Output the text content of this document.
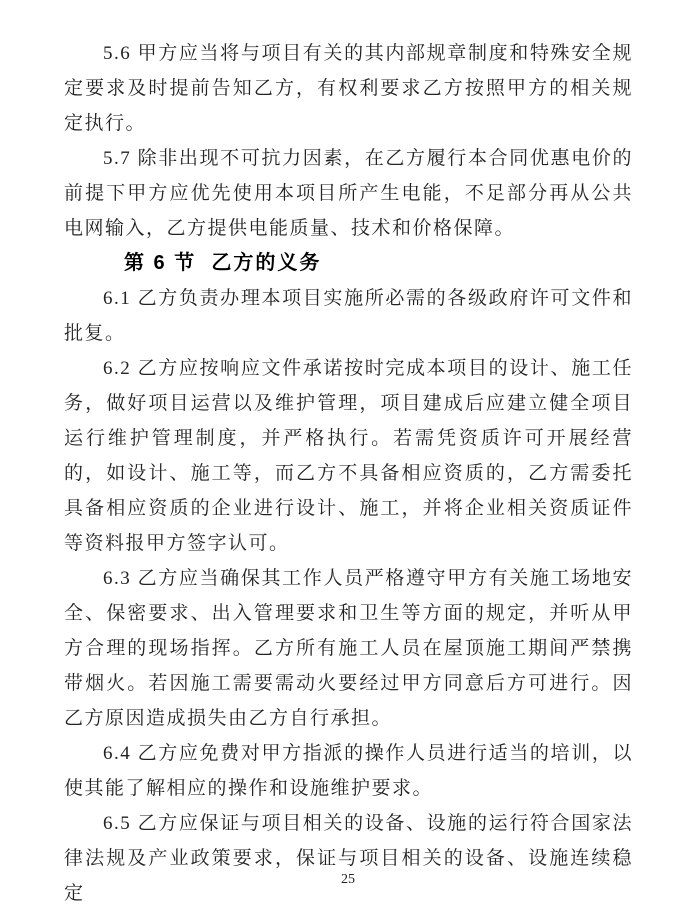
5.6 甲方应当将与项目有关的其内部规章制度和特殊安全规定要求及时提前告知乙方，有权利要求乙方按照甲方的相关规定执行。

5.7 除非出现不可抗力因素，在乙方履行本合同优惠电价的前提下甲方应优先使用本项目所产生电能，不足部分再从公共电网输入，乙方提供电能质量、技术和价格保障。

第 6 节  乙方的义务

6.1 乙方负责办理本项目实施所必需的各级政府许可文件和批复。

6.2 乙方应按响应文件承诺按时完成本项目的设计、施工任务，做好项目运营以及维护管理，项目建成后应建立健全项目运行维护管理制度，并严格执行。若需凭资质许可开展经营的，如设计、施工等，而乙方不具备相应资质的，乙方需委托具备相应资质的企业进行设计、施工，并将企业相关资质证件等资料报甲方签字认可。

6.3 乙方应当确保其工作人员严格遵守甲方有关施工场地安全、保密要求、出入管理要求和卫生等方面的规定，并听从甲方合理的现场指挥。乙方所有施工人员在屋顶施工期间严禁携带烟火。若因施工需要需动火要经过甲方同意后方可进行。因乙方原因造成损失由乙方自行承担。

6.4 乙方应免费对甲方指派的操作人员进行适当的培训，以使其能了解相应的操作和设施维护要求。

6.5 乙方应保证与项目相关的设备、设施的运行符合国家法律法规及产业政策要求，保证与项目相关的设备、设施连续稳定

25
